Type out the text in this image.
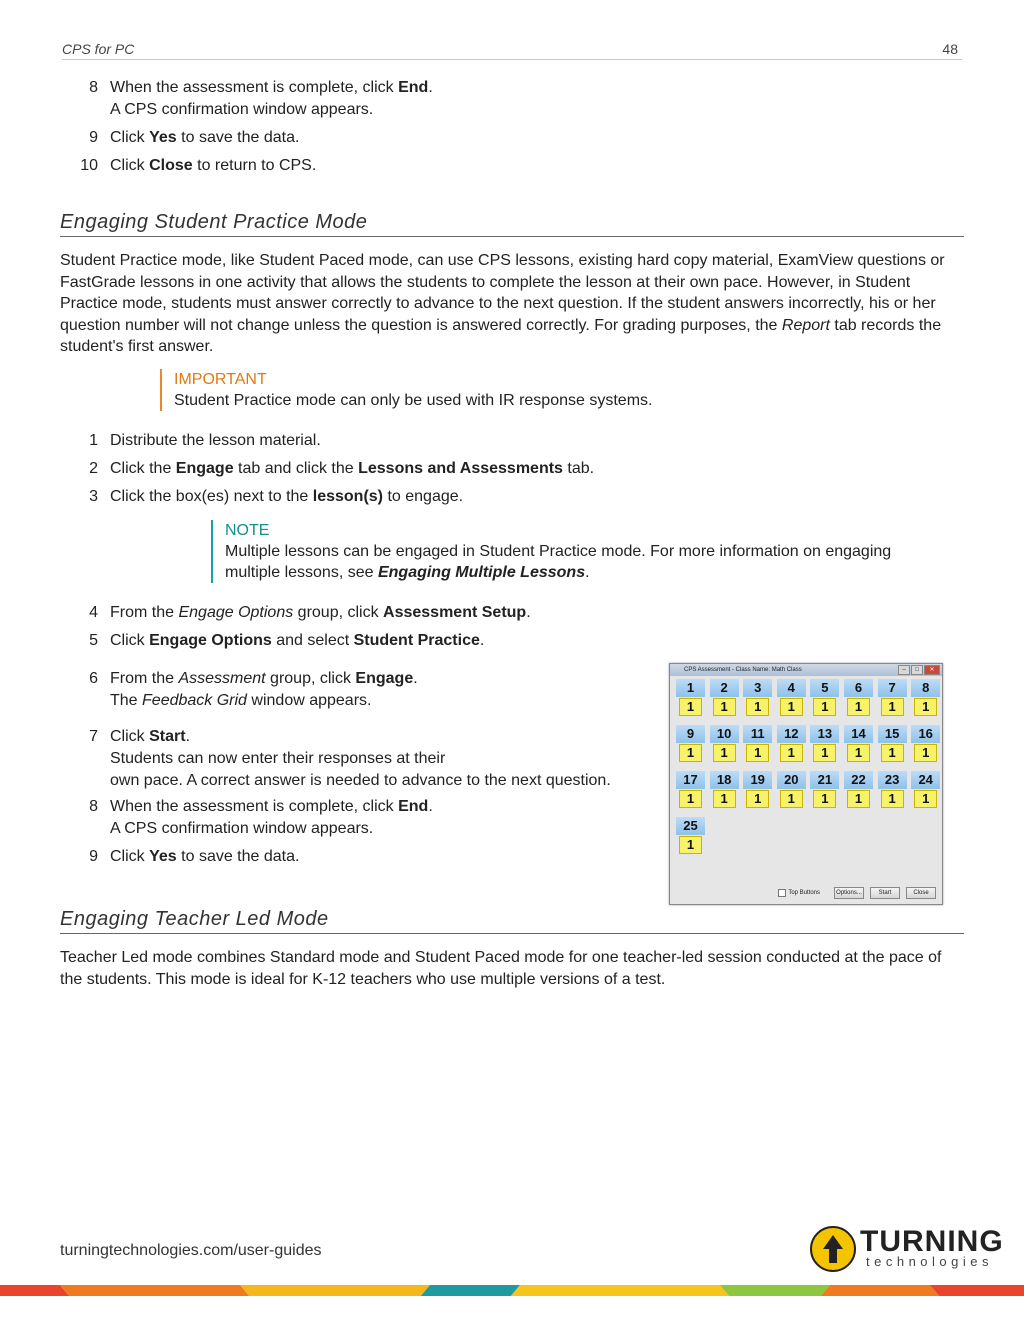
CPS for PC	48
8 When the assessment is complete, click End.
A CPS confirmation window appears.
9 Click Yes to save the data.
10 Click Close to return to CPS.
Engaging Student Practice Mode
Student Practice mode, like Student Paced mode, can use CPS lessons, existing hard copy material, ExamView questions or FastGrade lessons in one activity that allows the students to complete the lesson at their own pace. However, in Student Practice mode, students must answer correctly to advance to the next question. If the student answers incorrectly, his or her question number will not change unless the question is answered correctly. For grading purposes, the Report tab records the student's first answer.
IMPORTANT
Student Practice mode can only be used with IR response systems.
1 Distribute the lesson material.
2 Click the Engage tab and click the Lessons and Assessments tab.
3 Click the box(es) next to the lesson(s) to engage.
NOTE
Multiple lessons can be engaged in Student Practice mode. For more information on engaging multiple lessons, see Engaging Multiple Lessons.
4 From the Engage Options group, click Assessment Setup.
5 Click Engage Options and select Student Practice.
6 From the Assessment group, click Engage.
The Feedback Grid window appears.
7 Click Start.
Students can now enter their responses at their
own pace. A correct answer is needed to advance to the next question.
8 When the assessment is complete, click End.
A CPS confirmation window appears.
9 Click Yes to save the data.
CPS Assessment - Class Name: Math Class	–	□	✕
1
1
2
1
3
1
4
1
5
1
6
1
7
1
8
1
9
1
10
1
11
1
12
1
13
1
14
1
15
1
16
1
17
1
18
1
19
1
20
1
21
1
22
1
23
1
24
1
25
1
Top Buttons	Options...	Start	Close
Engaging Teacher Led Mode
Teacher Led mode combines Standard mode and Student Paced mode for one teacher-led session conducted at the pace of the students. This mode is ideal for K-12 teachers who use multiple versions of a test.
turningtechnologies.com/user-guides	TURNING
technologies
